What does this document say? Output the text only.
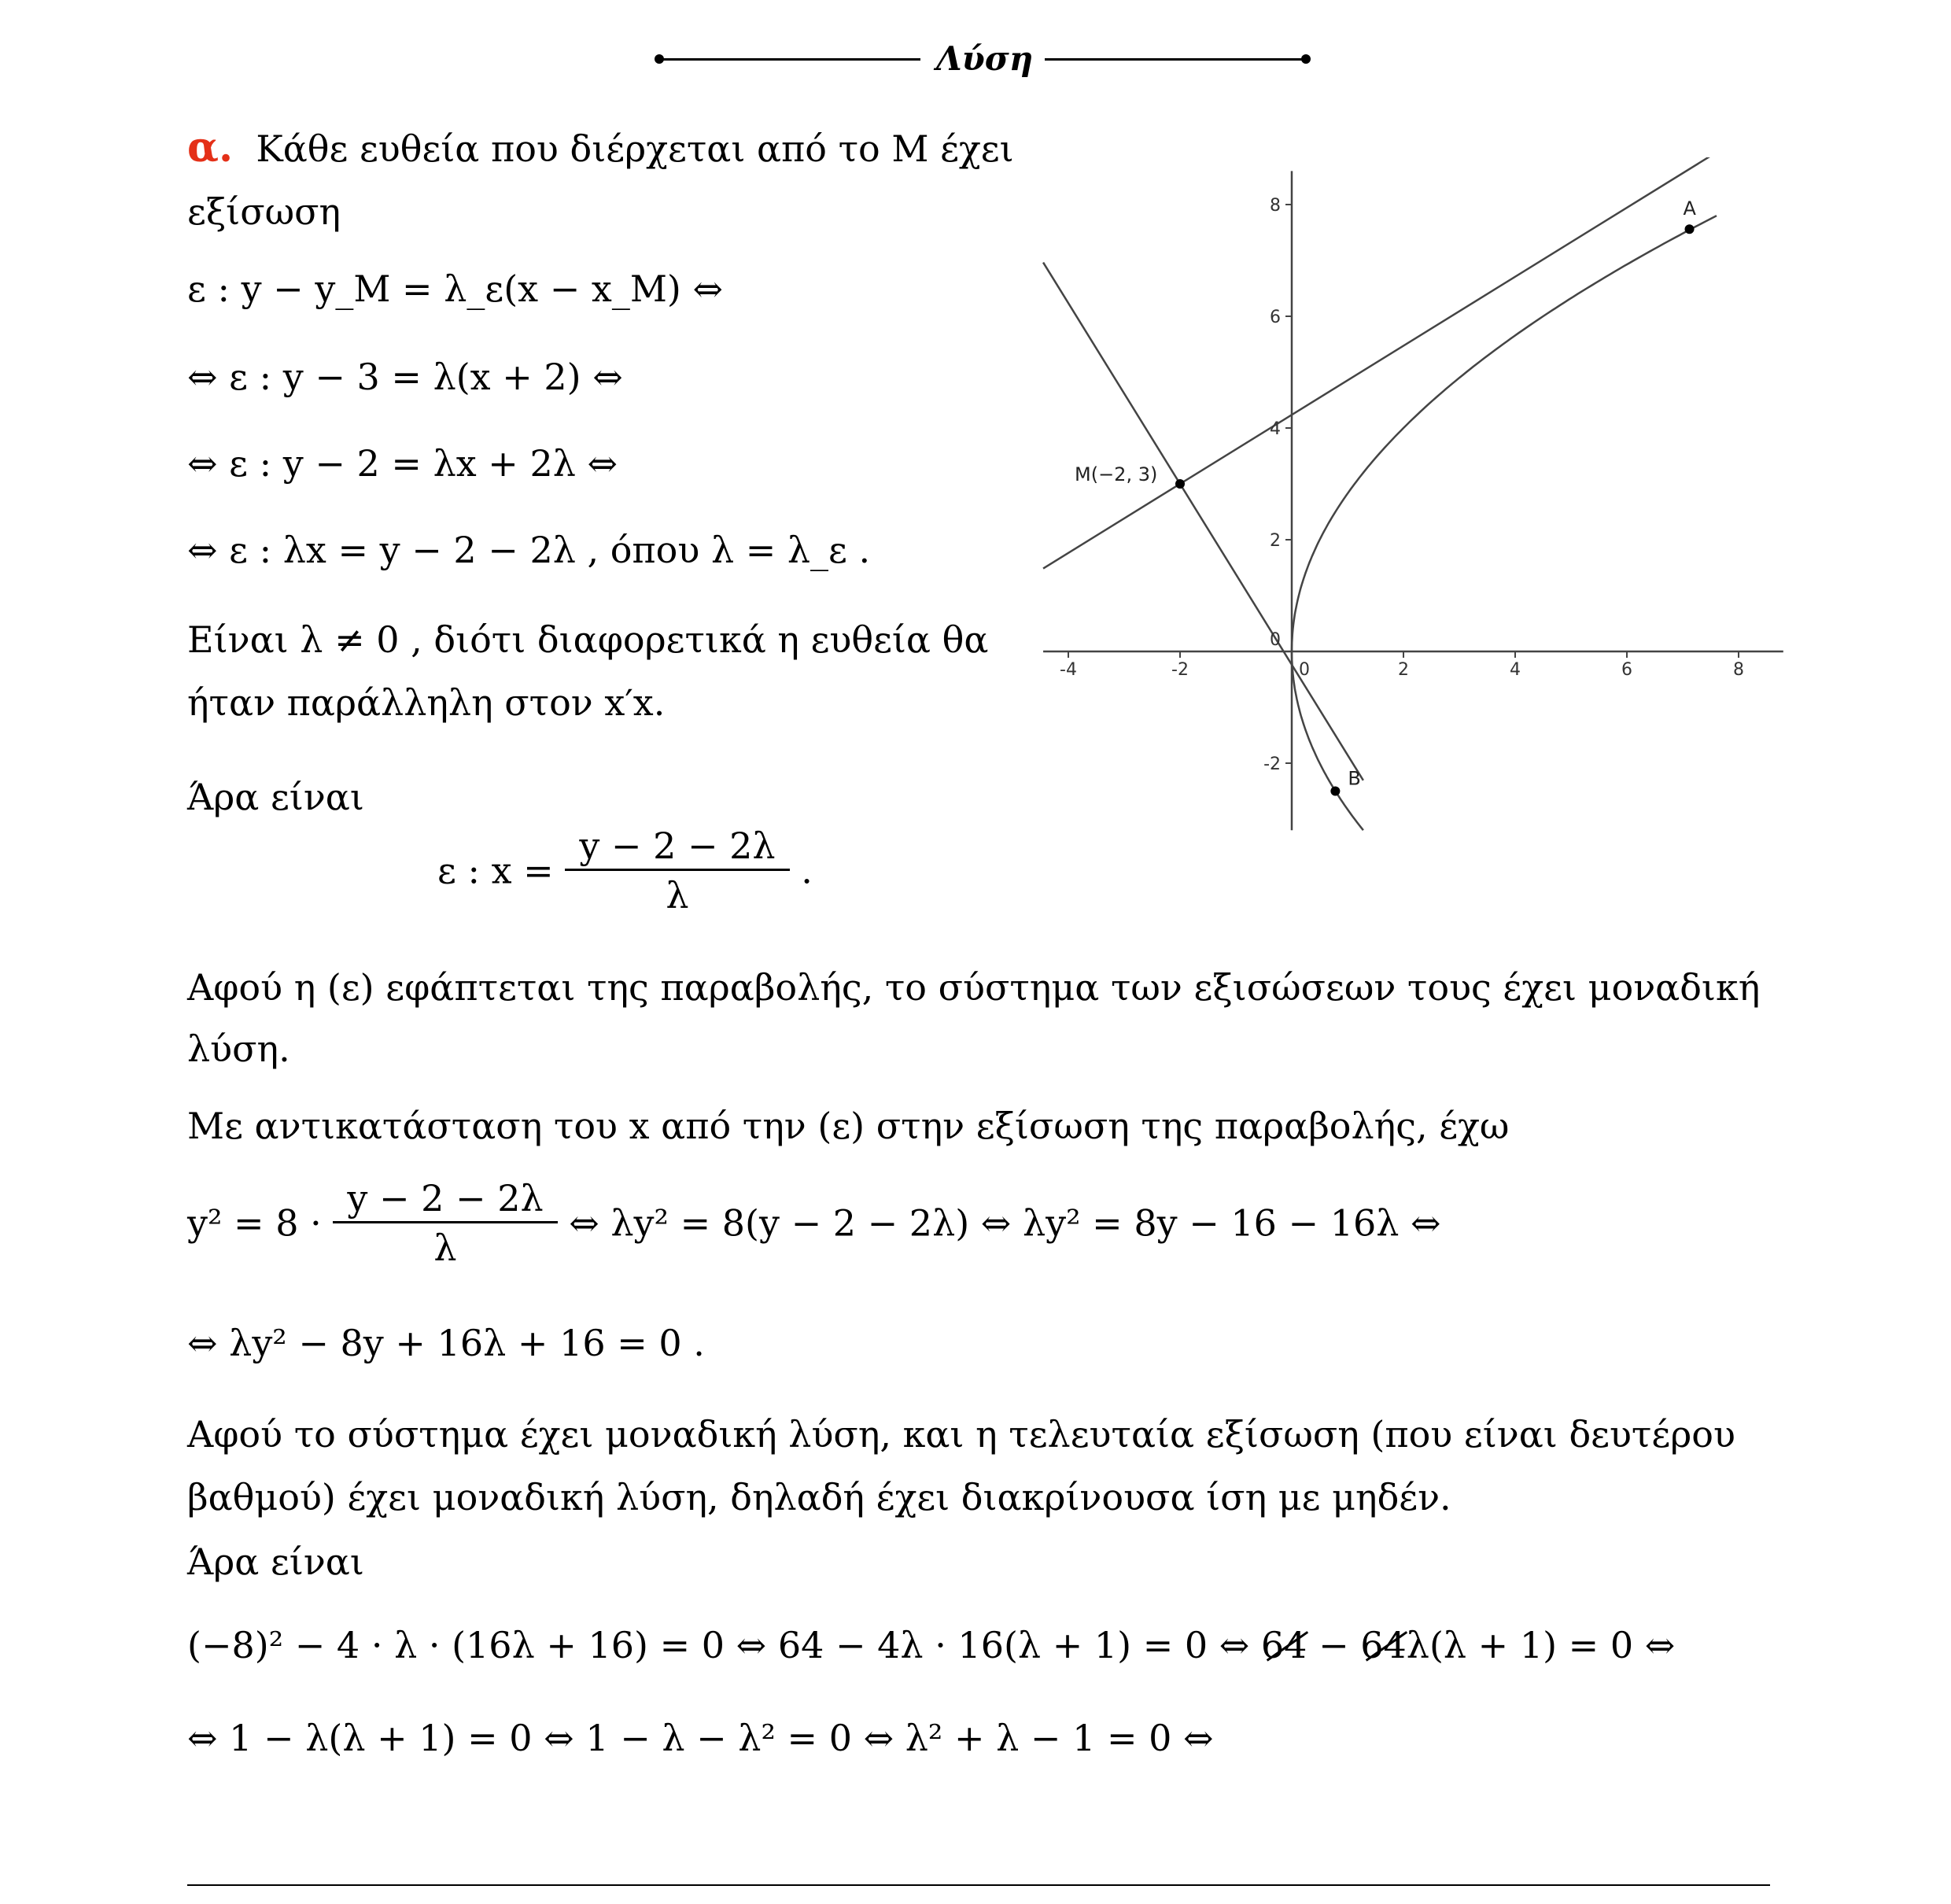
Λύση
α. Κάθε ευθεία που διέρχεται από το M έχει
εξίσωση
ε : y − y_M = λ_ε(x − x_M) ⇔
⇔ ε : y − 3 = λ(x + 2) ⇔
⇔ ε : y − 2 = λx + 2λ ⇔
⇔ ε : λx = y − 2 − 2λ , όπου λ = λ_ε .
Είναι λ ≠ 0 , διότι διαφορετικά η ευθεία θα
ήταν παράλληλη στον x′x.
Άρα είναι
ε : $x = \frac{y - 2 - 2\lambda}{\lambda}$ .
Αφού η (ε) εφάπτεται της παραβολής, το σύστημα των εξισώσεων τους έχει μοναδική
λύση.
Με αντικατάσταση του x από την (ε) στην εξίσωση της παραβολής, έχω
$y^2 = 8 \cdot \frac{y - 2 - 2\lambda}{\lambda}$ ⇔ λy² = 8(y − 2 − 2λ) ⇔ λy² = 8y − 16 − 16λ ⇔
⇔ λy² − 8y + 16λ + 16 = 0 .
Αφού το σύστημα έχει μοναδική λύση, και η τελευταία εξίσωση (που είναι δευτέρου
βαθμού) έχει μοναδική λύση, δηλαδή έχει διακρίνουσα ίση με μηδέν.
Άρα είναι
(−8)² − 4 · λ · (16λ + 16) = 0 ⇔ 64 − 4λ · 16(λ + 1) = 0 ⇔ 64 − 64λ(λ + 1) = 0 ⇔
⇔ 1 − λ(λ + 1) = 0 ⇔ 1 − λ − λ² = 0 ⇔ λ² + λ − 1 = 0 ⇔
-4	-2	0	2	4	6	8
8
6
4
2
0
-2
M(−2, 3)
A
B
